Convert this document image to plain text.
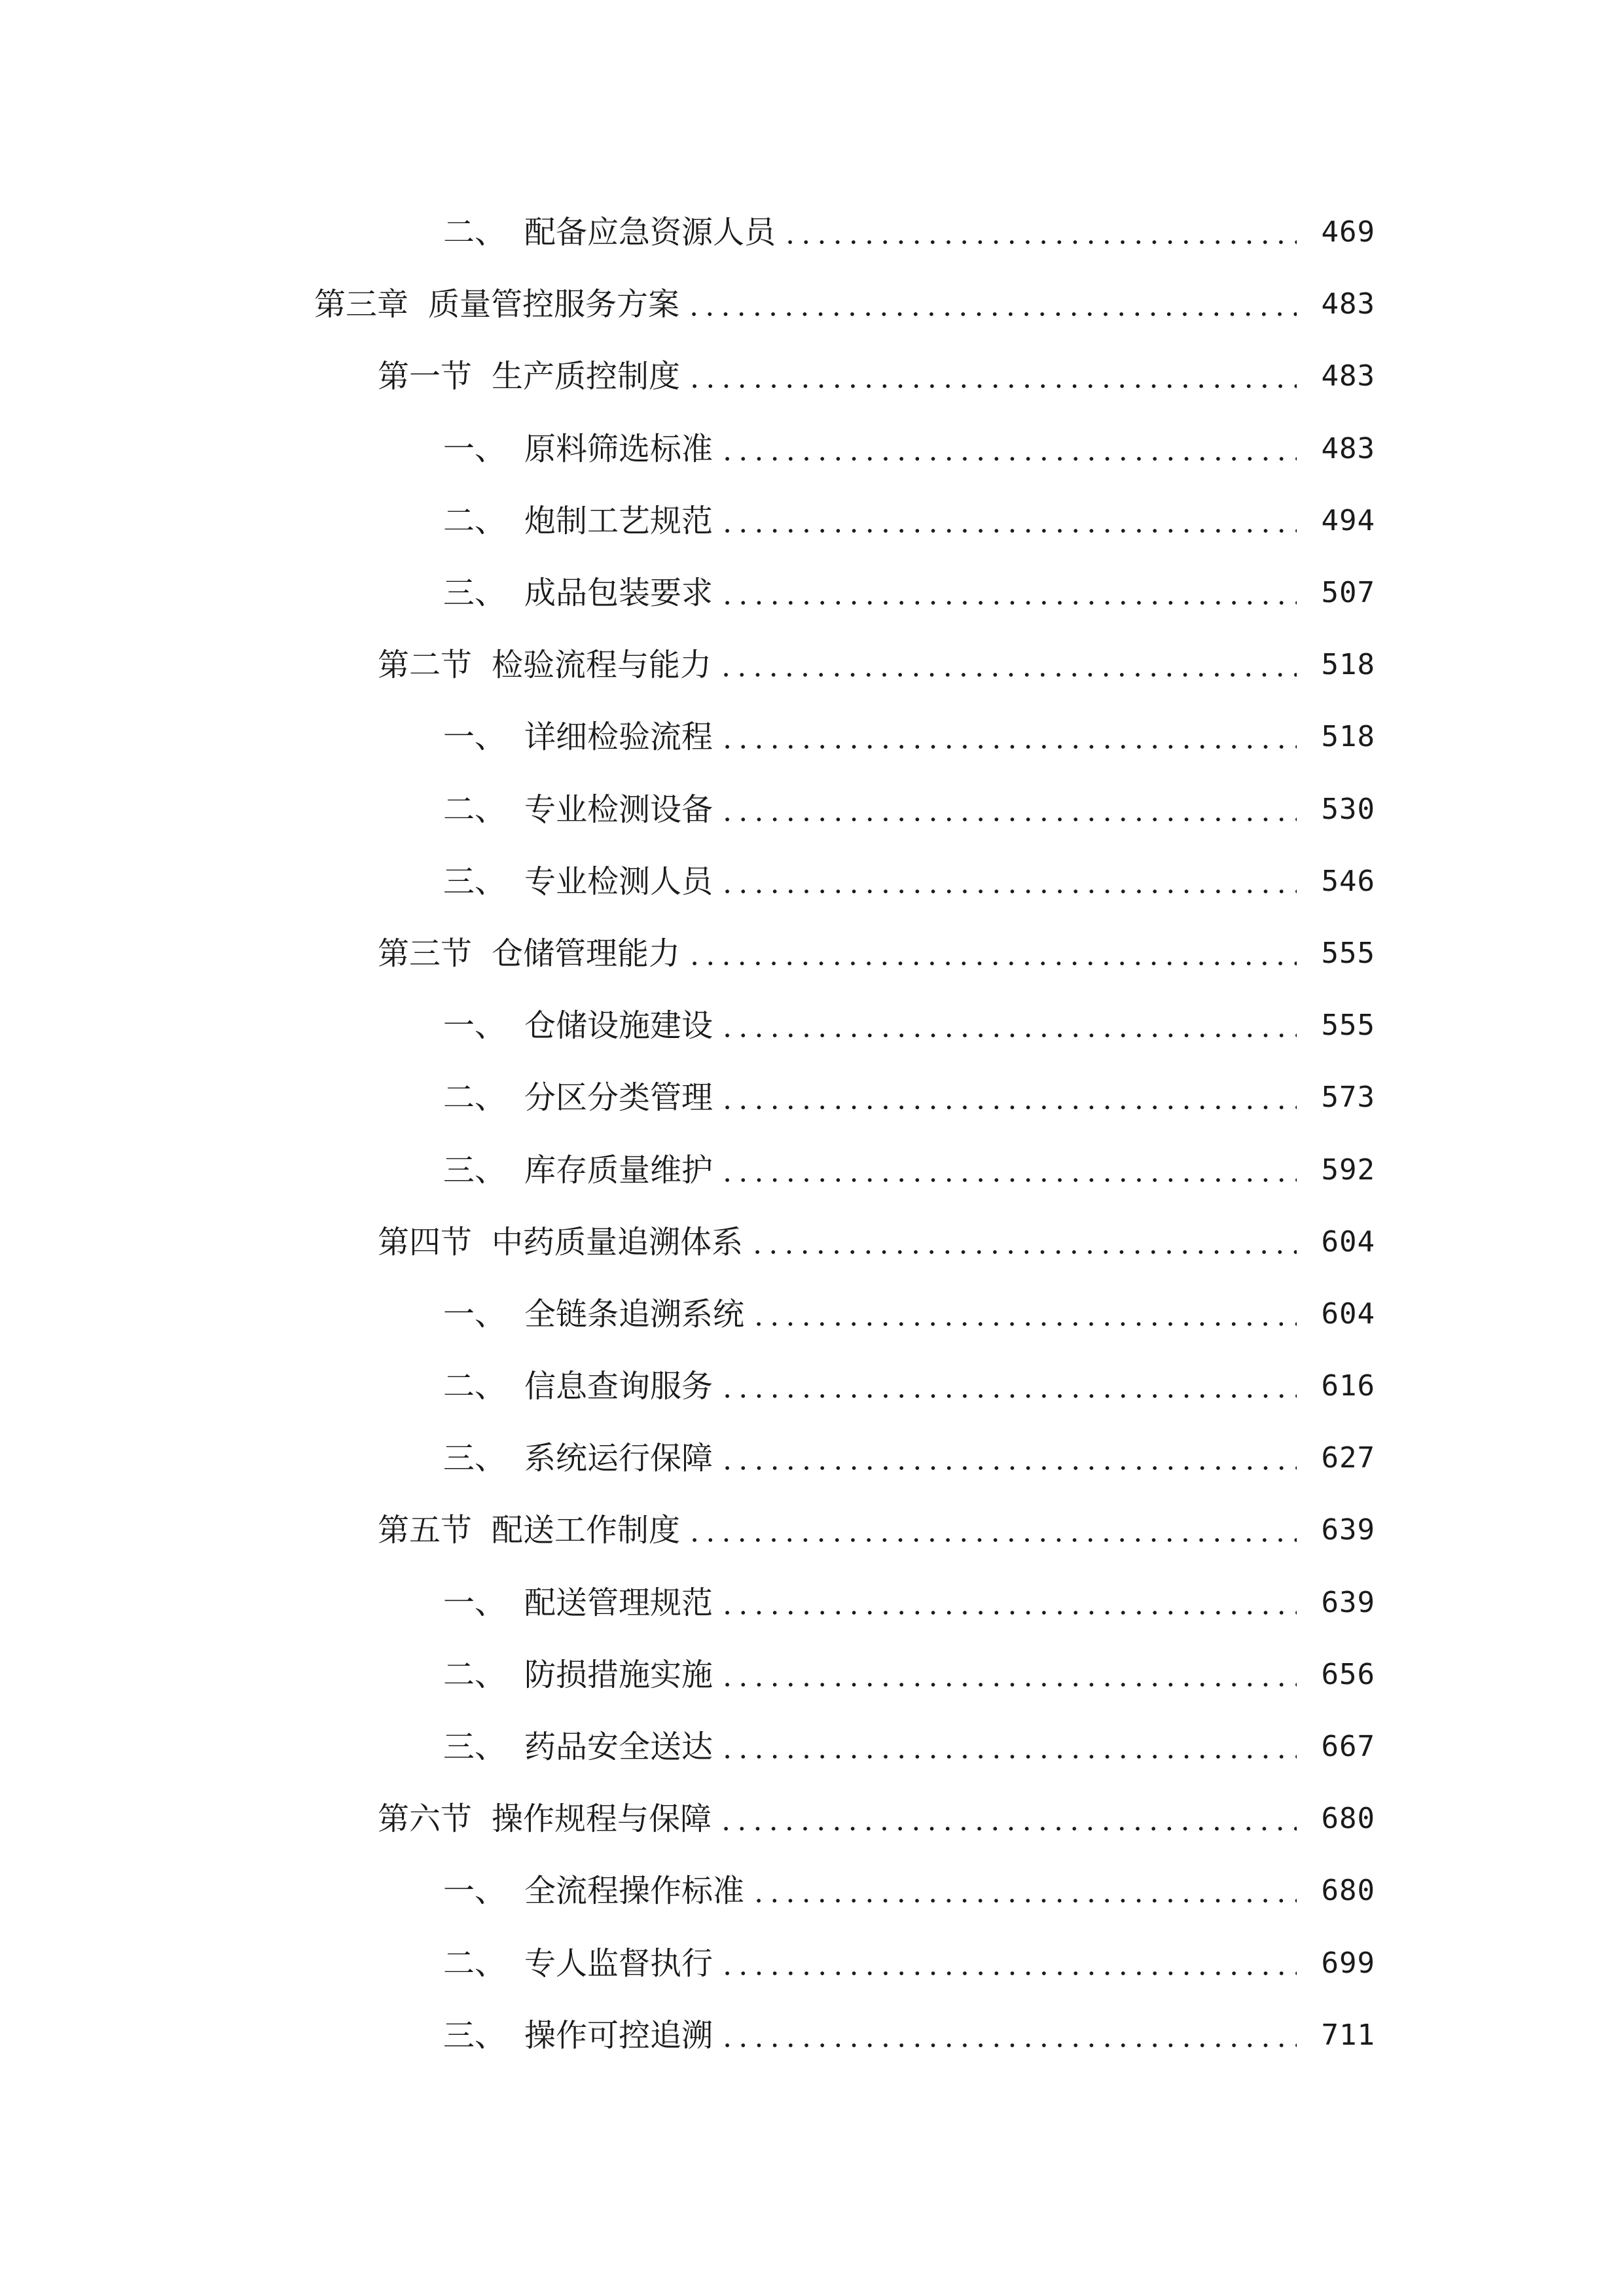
二、 配备应急资源人员	469
第三章 质量管控服务方案	483
第一节 生产质控制度	483
一、 原料筛选标准	483
二、 炮制工艺规范	494
三、 成品包装要求	507
第二节 检验流程与能力	518
一、 详细检验流程	518
二、 专业检测设备	530
三、 专业检测人员	546
第三节 仓储管理能力	555
一、 仓储设施建设	555
二、 分区分类管理	573
三、 库存质量维护	592
第四节 中药质量追溯体系	604
一、 全链条追溯系统	604
二、 信息查询服务	616
三、 系统运行保障	627
第五节 配送工作制度	639
一、 配送管理规范	639
二、 防损措施实施	656
三、 药品安全送达	667
第六节 操作规程与保障	680
一、 全流程操作标准	680
二、 专人监督执行	699
三、 操作可控追溯	711
